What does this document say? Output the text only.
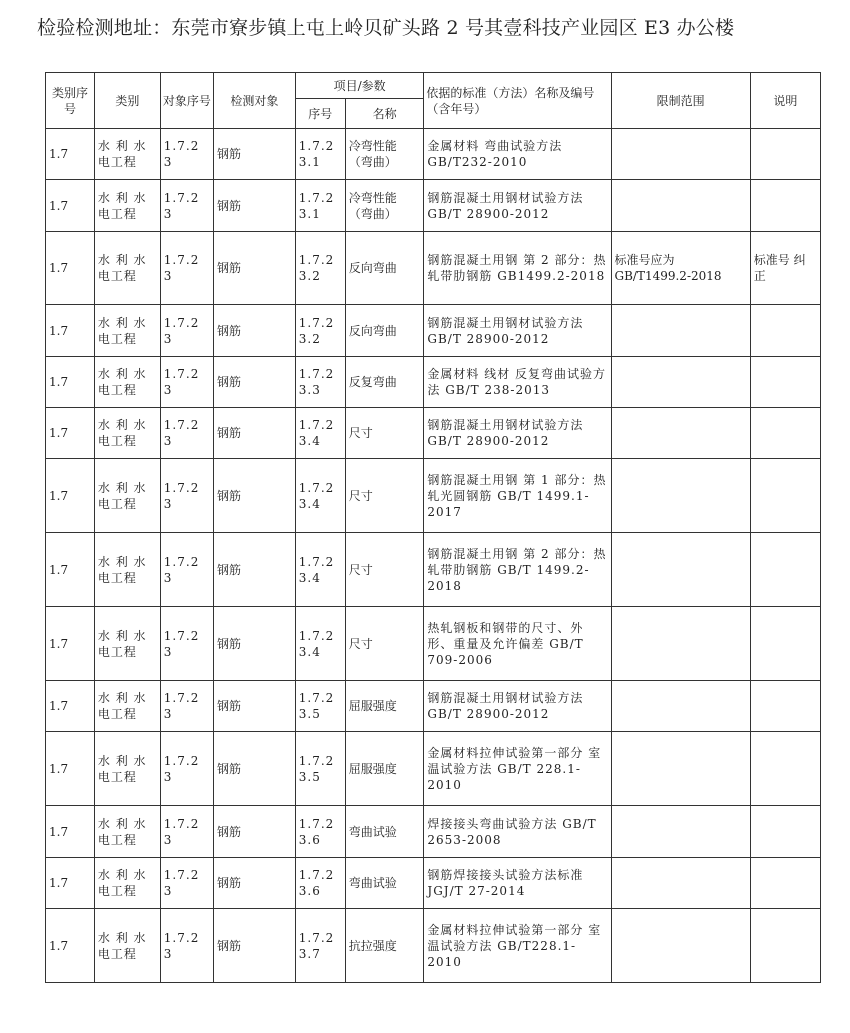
检验检测地址：东莞市寮步镇上屯上岭贝矿头路 2 号其壹科技产业园区 E3 办公楼
类别序号	类别	对象序号	检测对象	项目/参数		依据的标准（方法）名称及编号（含年号）	限制范围	说明
				序号	名称			
1.7	水 利 水 电工程	1.7.2 3	钢筋	1.7.2 3.1	冷弯性能（弯曲）	金属材料 弯曲试验方法 GB/T232-2010		
1.7	水 利 水 电工程	1.7.2 3	钢筋	1.7.2 3.1	冷弯性能（弯曲）	钢筋混凝土用钢材试验方法 GB/T 28900-2012		
1.7	水 利 水 电工程	1.7.2 3	钢筋	1.7.2 3.2	反向弯曲	钢筋混凝土用钢 第 2 部分：热轧带肋钢筋 GB1499.2-2018	标准号应为 GB/T1499.2-2018	标准号 纠正
1.7	水 利 水 电工程	1.7.2 3	钢筋	1.7.2 3.2	反向弯曲	钢筋混凝土用钢材试验方法 GB/T 28900-2012		
1.7	水 利 水 电工程	1.7.2 3	钢筋	1.7.2 3.3	反复弯曲	金属材料 线材 反复弯曲试验方法 GB/T 238-2013		
1.7	水 利 水 电工程	1.7.2 3	钢筋	1.7.2 3.4	尺寸	钢筋混凝土用钢材试验方法 GB/T 28900-2012		
1.7	水 利 水 电工程	1.7.2 3	钢筋	1.7.2 3.4	尺寸	钢筋混凝土用钢 第 1 部分：热轧光圆钢筋 GB/T 1499.1-2017		
1.7	水 利 水 电工程	1.7.2 3	钢筋	1.7.2 3.4	尺寸	钢筋混凝土用钢 第 2 部分：热轧带肋钢筋 GB/T 1499.2-2018		
1.7	水 利 水 电工程	1.7.2 3	钢筋	1.7.2 3.4	尺寸	热轧钢板和钢带的尺寸、外形、重量及允许偏差 GB/T 709-2006		
1.7	水 利 水 电工程	1.7.2 3	钢筋	1.7.2 3.5	屈服强度	钢筋混凝土用钢材试验方法 GB/T 28900-2012		
1.7	水 利 水 电工程	1.7.2 3	钢筋	1.7.2 3.5	屈服强度	金属材料拉伸试验第一部分 室温试验方法 GB/T 228.1-2010		
1.7	水 利 水 电工程	1.7.2 3	钢筋	1.7.2 3.6	弯曲试验	焊接接头弯曲试验方法 GB/T 2653-2008		
1.7	水 利 水 电工程	1.7.2 3	钢筋	1.7.2 3.6	弯曲试验	钢筋焊接接头试验方法标准 JGJ/T 27-2014		
1.7	水 利 水 电工程	1.7.2 3	钢筋	1.7.2 3.7	抗拉强度	金属材料拉伸试验第一部分 室温试验方法 GB/T228.1-2010		
